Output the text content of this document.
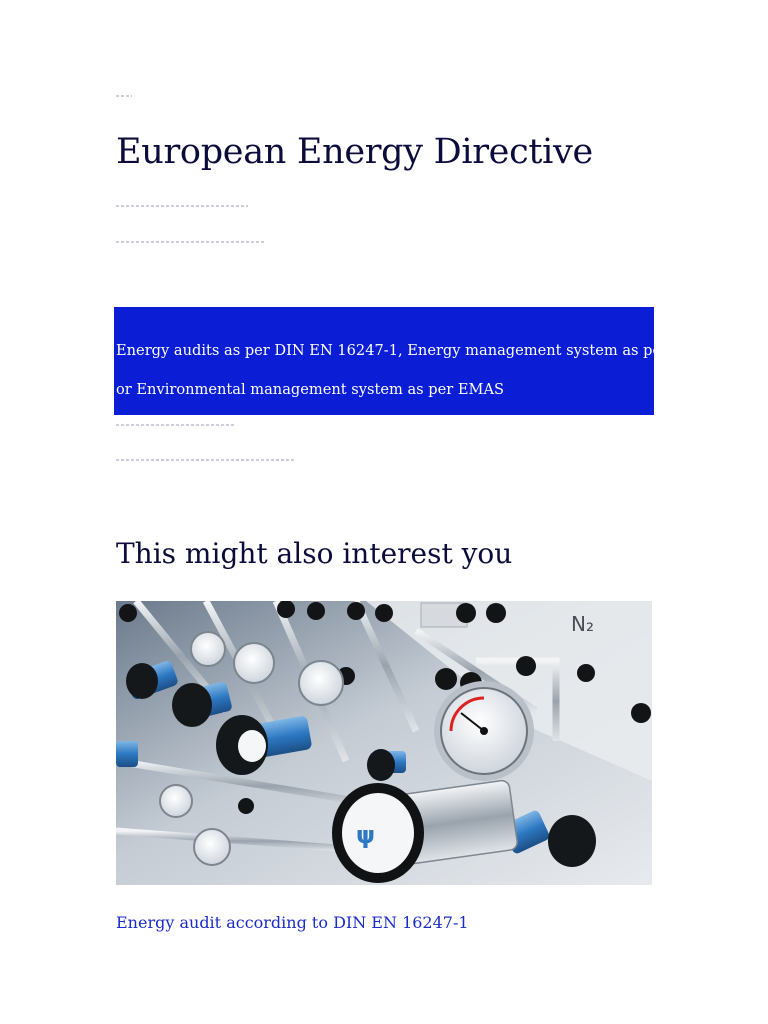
European Energy Directive
Energy audits as per DIN EN 16247-1, Energy management system as per ISO 50001
or Environmental management system as per EMAS
This might also interest you
N₂
ψ
Energy audit according to DIN EN 16247-1
